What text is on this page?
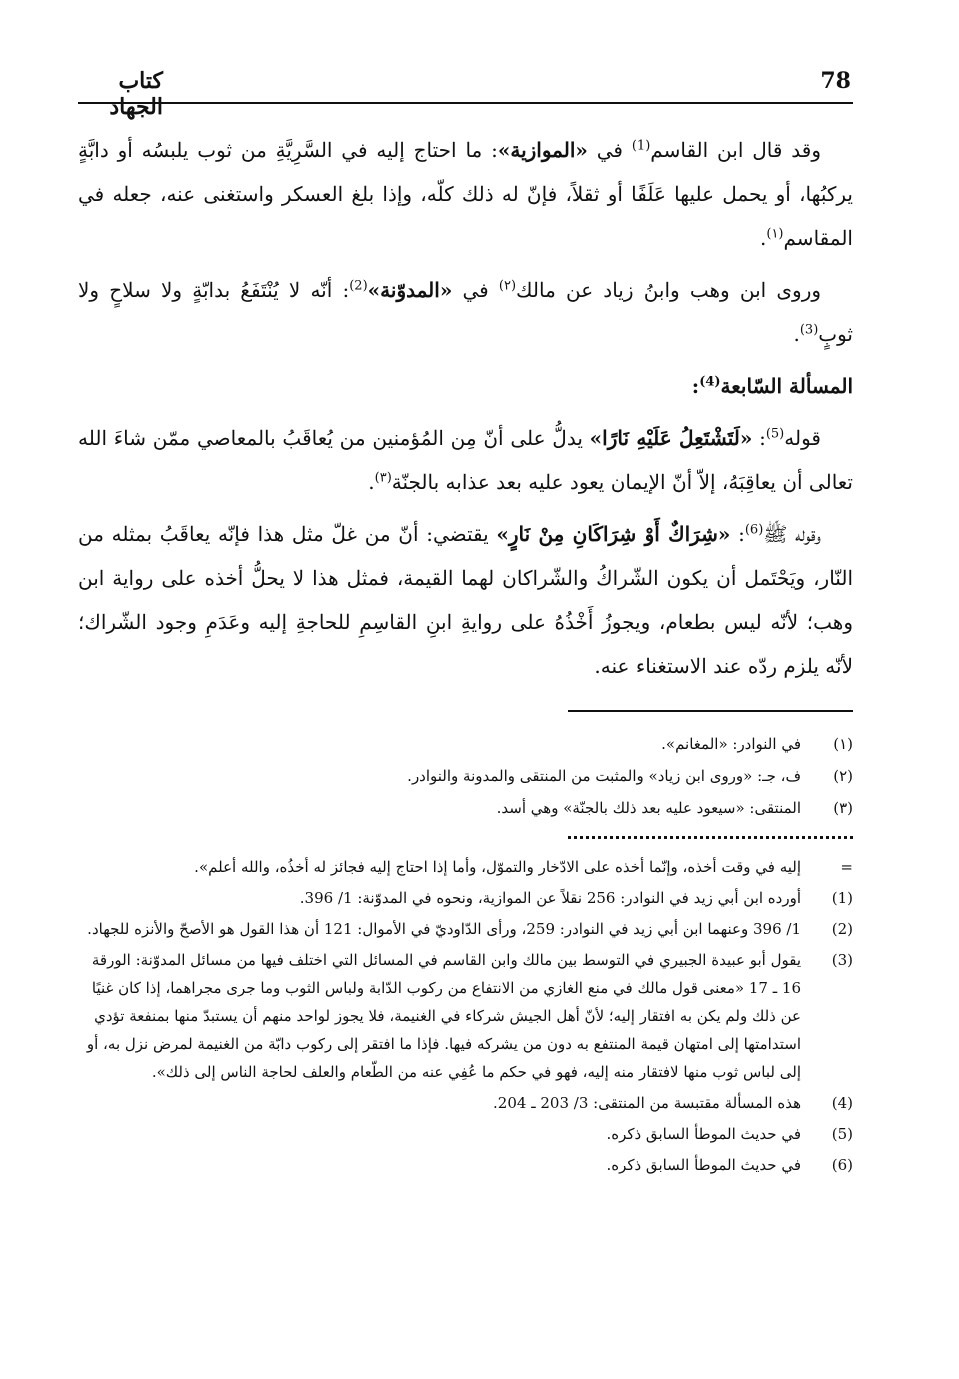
78
كتاب الجهاد

وقد قال ابن القاسم$^{(1)}$ في «الموازية»: ما احتاج إليه في السَّرِيَّةِ من ثوب يلبسُه أو دابَّةٍ يركبُها، أو يحمل عليها عَلَفًا أو ثقلاً، فإنّ له ذلك كلّه، وإذا بلغ العسكر واستغنى عنه، جعله في المقاسم$^{(١)}$.

وروى ابن وهب وابنُ زياد عن مالك$^{(٢)}$ في «المدوّنة»$^{(2)}$: أنّه لا يُنْتَفَعُ بدابّةٍ ولا سلاحٍ ولا ثوبٍ$^{(3)}$.

المسألة السّابعة$^{(4)}$:

قوله$^{(5)}$: «لَتَشْتَعِلُ عَلَيْهِ نَارًا» يدلُّ على أنّ مِن المُؤمنين من يُعاقَبُ بالمعاصي ممّن شاءَ الله تعالى أن يعاقِبَهُ، إلاّ أنّ الإيمان يعود عليه بعد عذابه بالجنّة$^{(٣)}$.

وقوله ﷺ$^{(6)}$: «شِرَاكٌ أَوْ شِرَاكَانِ مِنْ نَارٍ» يقتضي: أنّ من غلّ مثل هذا فإنّه يعاقَبُ بمثله من النّار، ويَحْتَمل أن يكون الشّراكُ والشّراكان لهما القيمة، فمثل هذا لا يحلُّ أخذه على رواية ابن وهب؛ لأنّه ليس بطعام، ويجوزُ أَخْذُهُ على روايةِ ابنِ القاسِمِ للحاجةِ إليه وعَدَمِ وجود الشّراك؛ لأنّه يلزم ردّه عند الاستغناء عنه.

(١)
في النوادر: «المغانم».
(٢)
ف، جـ: «وروى ابن زياد» والمثبت من المنتقى والمدونة والنوادر.
(٣)
المنتقى: «سيعود عليه بعد ذلك بالجنّة» وهي أسد.
=
إليه في وقت أخذه، وإنّما أخذه على الادّخار والتموّل، وأما إذا احتاج إليه فجائز له أخذُه، والله أعلم».
(1)
أورده ابن أبي زيد في النوادر: 256 نقلاً عن الموازية، ونحوه في المدوّنة: 1/ 396.
(2)
1/ 396 وعنهما ابن أبي زيد في النوادر: 259، ورأى الدّاوديّ في الأموال: 121 أن هذا القول هو الأصحّ والأنزه للجهاد.
(3)
يقول أبو عبيدة الجبيري في التوسط بين مالك وابن القاسم في المسائل التي اختلف فيها من مسائل المدوّنة: الورقة 16 ـ 17 «معنى قول مالك في منع الغازي من الانتفاع من ركوب الدّابة ولباس الثوب وما جرى مجراهما، إذا كان غنيًا عن ذلك ولم يكن به افتقار إليه؛ لأنّ أهل الجيش شركاء في الغنيمة، فلا يجوز لواحد منهم أن يستبدّ منها بمنفعة تؤدي استدامتها إلى امتهان قيمة المنتفع به دون من يشركه فيها. فإذا ما افتقر إلى ركوب دابّة من الغنيمة لمرض نزل به، أو إلى لباس ثوب منها لافتقار منه إليه، فهو في حكم ما عُفِي عنه من الطّعام والعلف لحاجة الناس إلى ذلك».
(4)
هذه المسألة مقتبسة من المنتقى: 3/ 203 ـ 204.
(5)
في حديث الموطأ السابق ذكره.
(6)
في حديث الموطأ السابق ذكره.
